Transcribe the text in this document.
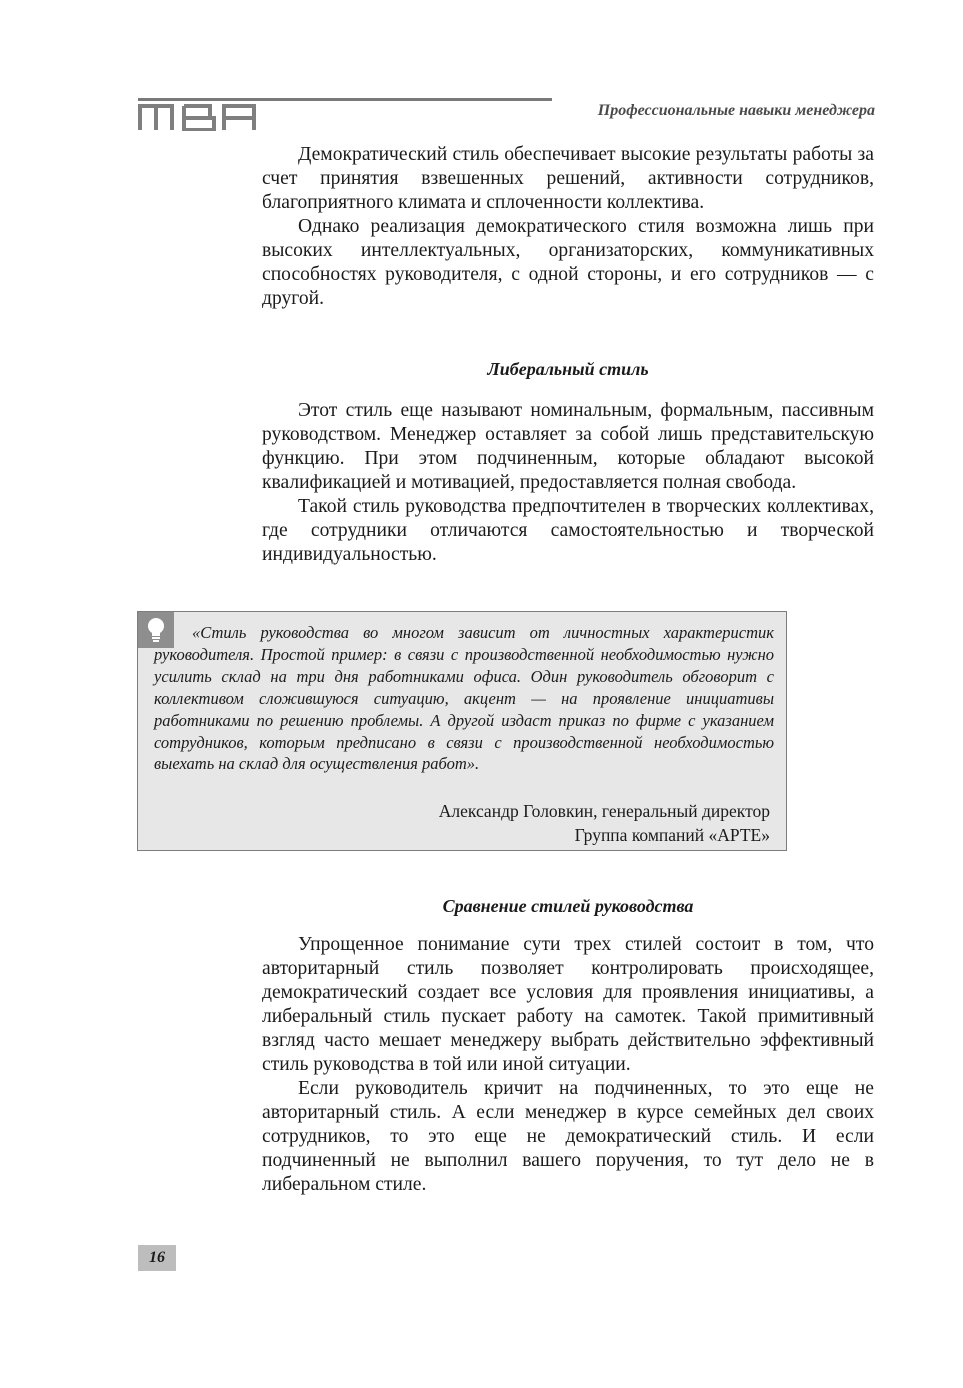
MBA	Профессиональные навыки менеджера

Демократический стиль обеспечивает высокие результаты работы за счет принятия взвешенных решений, активности сотрудников, благоприятного климата и сплоченности коллектива.

Однако реализация демократического стиля возможна лишь при высоких интеллектуальных, организаторских, коммуникативных способностях руководителя, с одной стороны, и его сотрудников — с другой.

Либеральный стиль

Этот стиль еще называют номинальным, формальным, пассивным руководством. Менеджер оставляет за собой лишь представительскую функцию. При этом подчиненным, которые обладают высокой квалификацией и мотивацией, предоставляется полная свобода.

Такой стиль руководства предпочтителен в творческих коллективах, где сотрудники отличаются самостоятельностью и творческой индивидуальностью.

«Стиль руководства во многом зависит от личностных характеристик руководителя. Простой пример: в связи с производственной необходимостью нужно усилить склад на три дня работниками офиса. Один руководитель обговорит с коллективом сложившуюся ситуацию, акцент — на проявление инициативы работниками по решению проблемы. А другой издаст приказ по фирме с указанием сотрудников, которым предписано в связи с производственной необходимостью выехать на склад для осуществления работ».

Александр Головкин, генеральный директор
Группа компаний «АРТЕ»
Сравнение стилей руководства

Упрощенное понимание сути трех стилей состоит в том, что авторитарный стиль позволяет контролировать происходящее, демократический создает все условия для проявления инициативы, а либеральный стиль пускает работу на самотек. Такой примитивный взгляд часто мешает менеджеру выбрать действительно эффективный стиль руководства в той или иной ситуации.

Если руководитель кричит на подчиненных, то это еще не авторитарный стиль. А если менеджер в курсе семейных дел своих сотрудников, то это еще не демократический стиль. И если подчиненный не выполнил вашего поручения, то тут дело не в либеральном стиле.

16
